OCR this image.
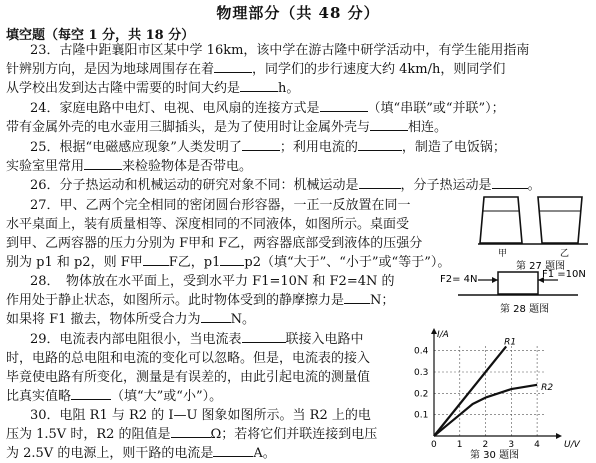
物理部分（共 48 分）
填空题（每空 1 分，共 18 分）
23．古隆中距襄阳市区某中学 16km，该中学在游古隆中研学活动中，有学生能用指南
针辨别方向，是因为地球周围存在着	，同学们的步行速度大约 4km/h，则同学们
从学校出发到达古隆中需要的时间大约是	h。
24．家庭电路中电灯、电视、电风扇的连接方式是	（填“串联”或“并联”）；
带有金属外壳的电水壶用三脚插头，是为了使用时让金属外壳与	相连。
25．根据“电磁感应现象”人类发明了	；利用电流的	，制造了电饭锅；
实验室里常用	来检验物体是否带电。
26．分子热运动和机械运动的研究对象不同：机械运动是	，分子热运动是	。
27．甲、乙两个完全相同的密闭圆台形容器，一正一反放置在同一
水平桌面上，装有质量相等、深度相同的不同液体，如图所示。桌面受
到甲、乙两容器的压力分别为 F甲和 F乙，两容器底部受到液体的压强分
别为 p1 和 p2，则 F甲 F乙，p1 p2（填“大于”、“小于”或“等于”）。
甲	乙
第 27 题图
28．　物体放在水平面上，受到水平力 F1=10N 和 F2=4N 的
作用处于静止状态，如图所示。此时物体受到的静摩擦力是 N；
如果将 F1 撤去，物体所受合力为 N。
F2= 4N	F1 =10N
第 28 题图
29．电流表内部电阻很小，当电流表	联接入电路中
时，电路的总电阻和电流的变化可以忽略。但是，电流表的接入
毕竟使电路有所变化，测量是有误差的，由此引起电流的测量值
比真实值略	（填“大”或“小”）。
30．电阻 R1 与 R2 的 I—U 图象如图所示。当 R2 上的电
压为 1.5V 时，R2 的阻值是	Ω；若将它们并联连接到电压
为 2.5V 的电源上，则干路的电流是	A。
0 1 2 3 4
0.1
0.2
0.3
0.4
U/V
I/A
R1
R2
第 30 题图
